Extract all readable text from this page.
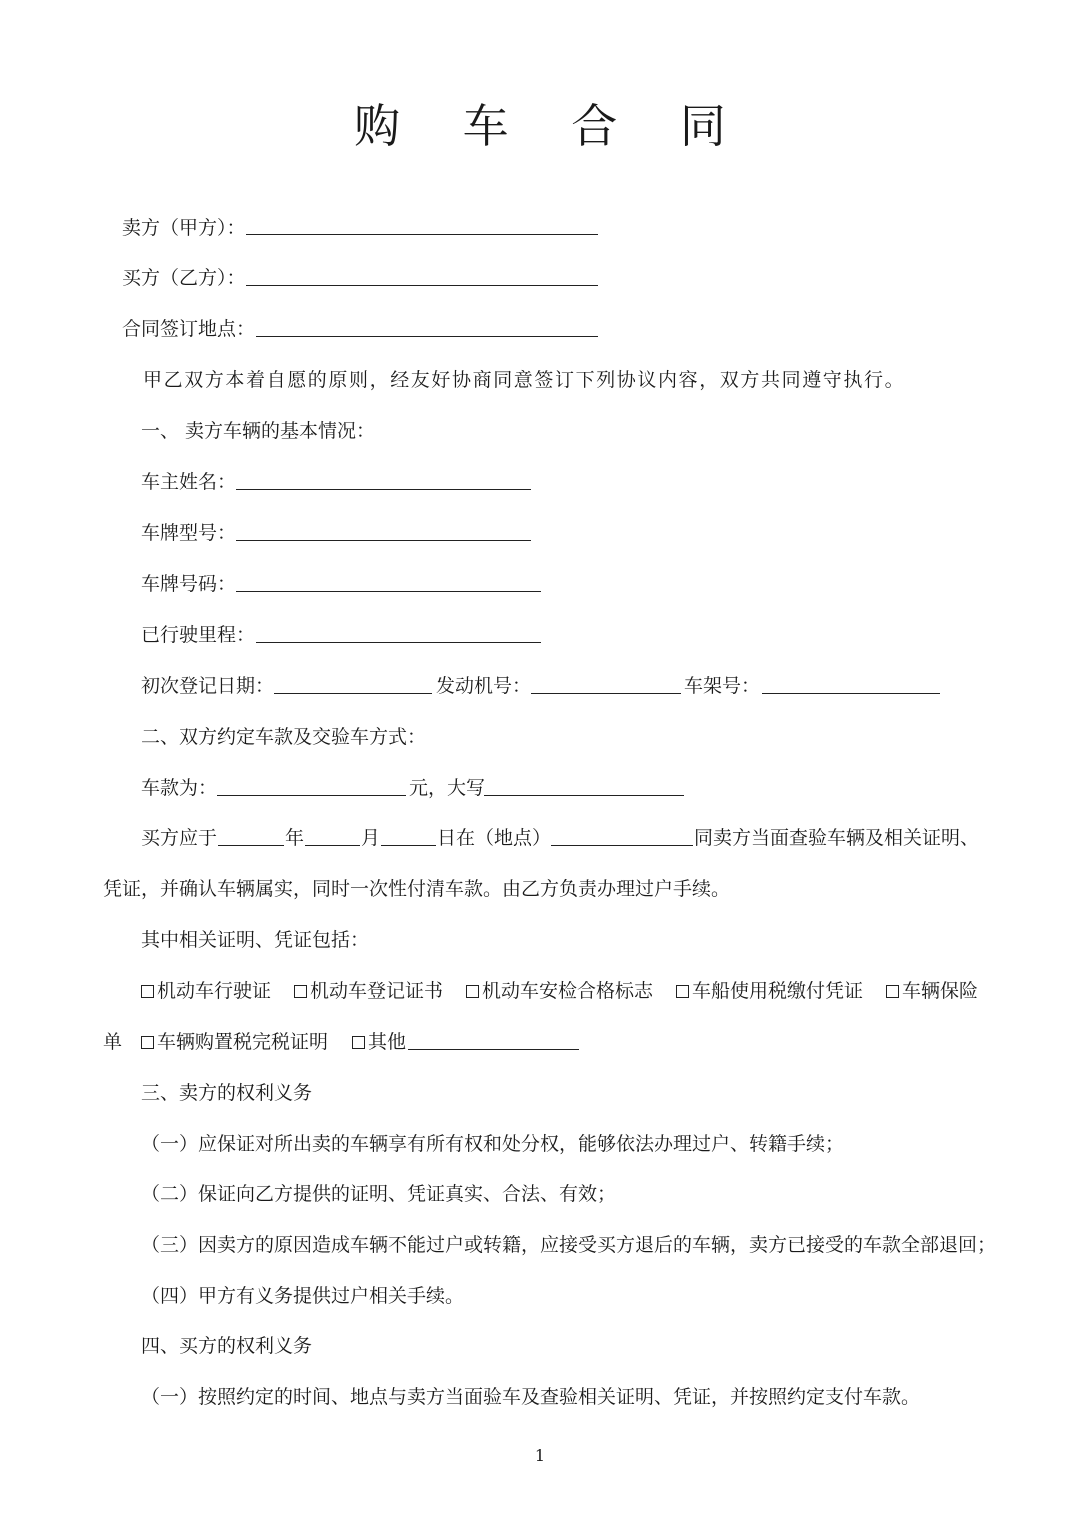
购 车 合 同
卖方（甲方）：
买方（乙方）：
合同签订地点：
甲乙双方本着自愿的原则，经友好协商同意签订下列协议内容，双方共同遵守执行。
一、 卖方车辆的基本情况：
车主姓名：
车牌型号：
车牌号码：
已行驶里程：
初次登记日期：	发动机号：	车架号：
二、双方约定车款及交验车方式：
车款为：	元，大写
买方应于	年	月	日在（地点）	同卖方当面查验车辆及相关证明、
凭证，并确认车辆属实，同时一次性付清车款。由乙方负责办理过户手续。
其中相关证明、凭证包括：
机动车行驶证	机动车登记证书	机动车安检合格标志	车船使用税缴付凭证	车辆保险
单	车辆购置税完税证明	其他
三、卖方的权利义务
（一）应保证对所出卖的车辆享有所有权和处分权，能够依法办理过户、转籍手续；
（二）保证向乙方提供的证明、凭证真实、合法、有效；
（三）因卖方的原因造成车辆不能过户或转籍，应接受买方退后的车辆，卖方已接受的车款全部退回；
（四）甲方有义务提供过户相关手续。
四、买方的权利义务
（一）按照约定的时间、地点与卖方当面验车及查验相关证明、凭证，并按照约定支付车款。
1
